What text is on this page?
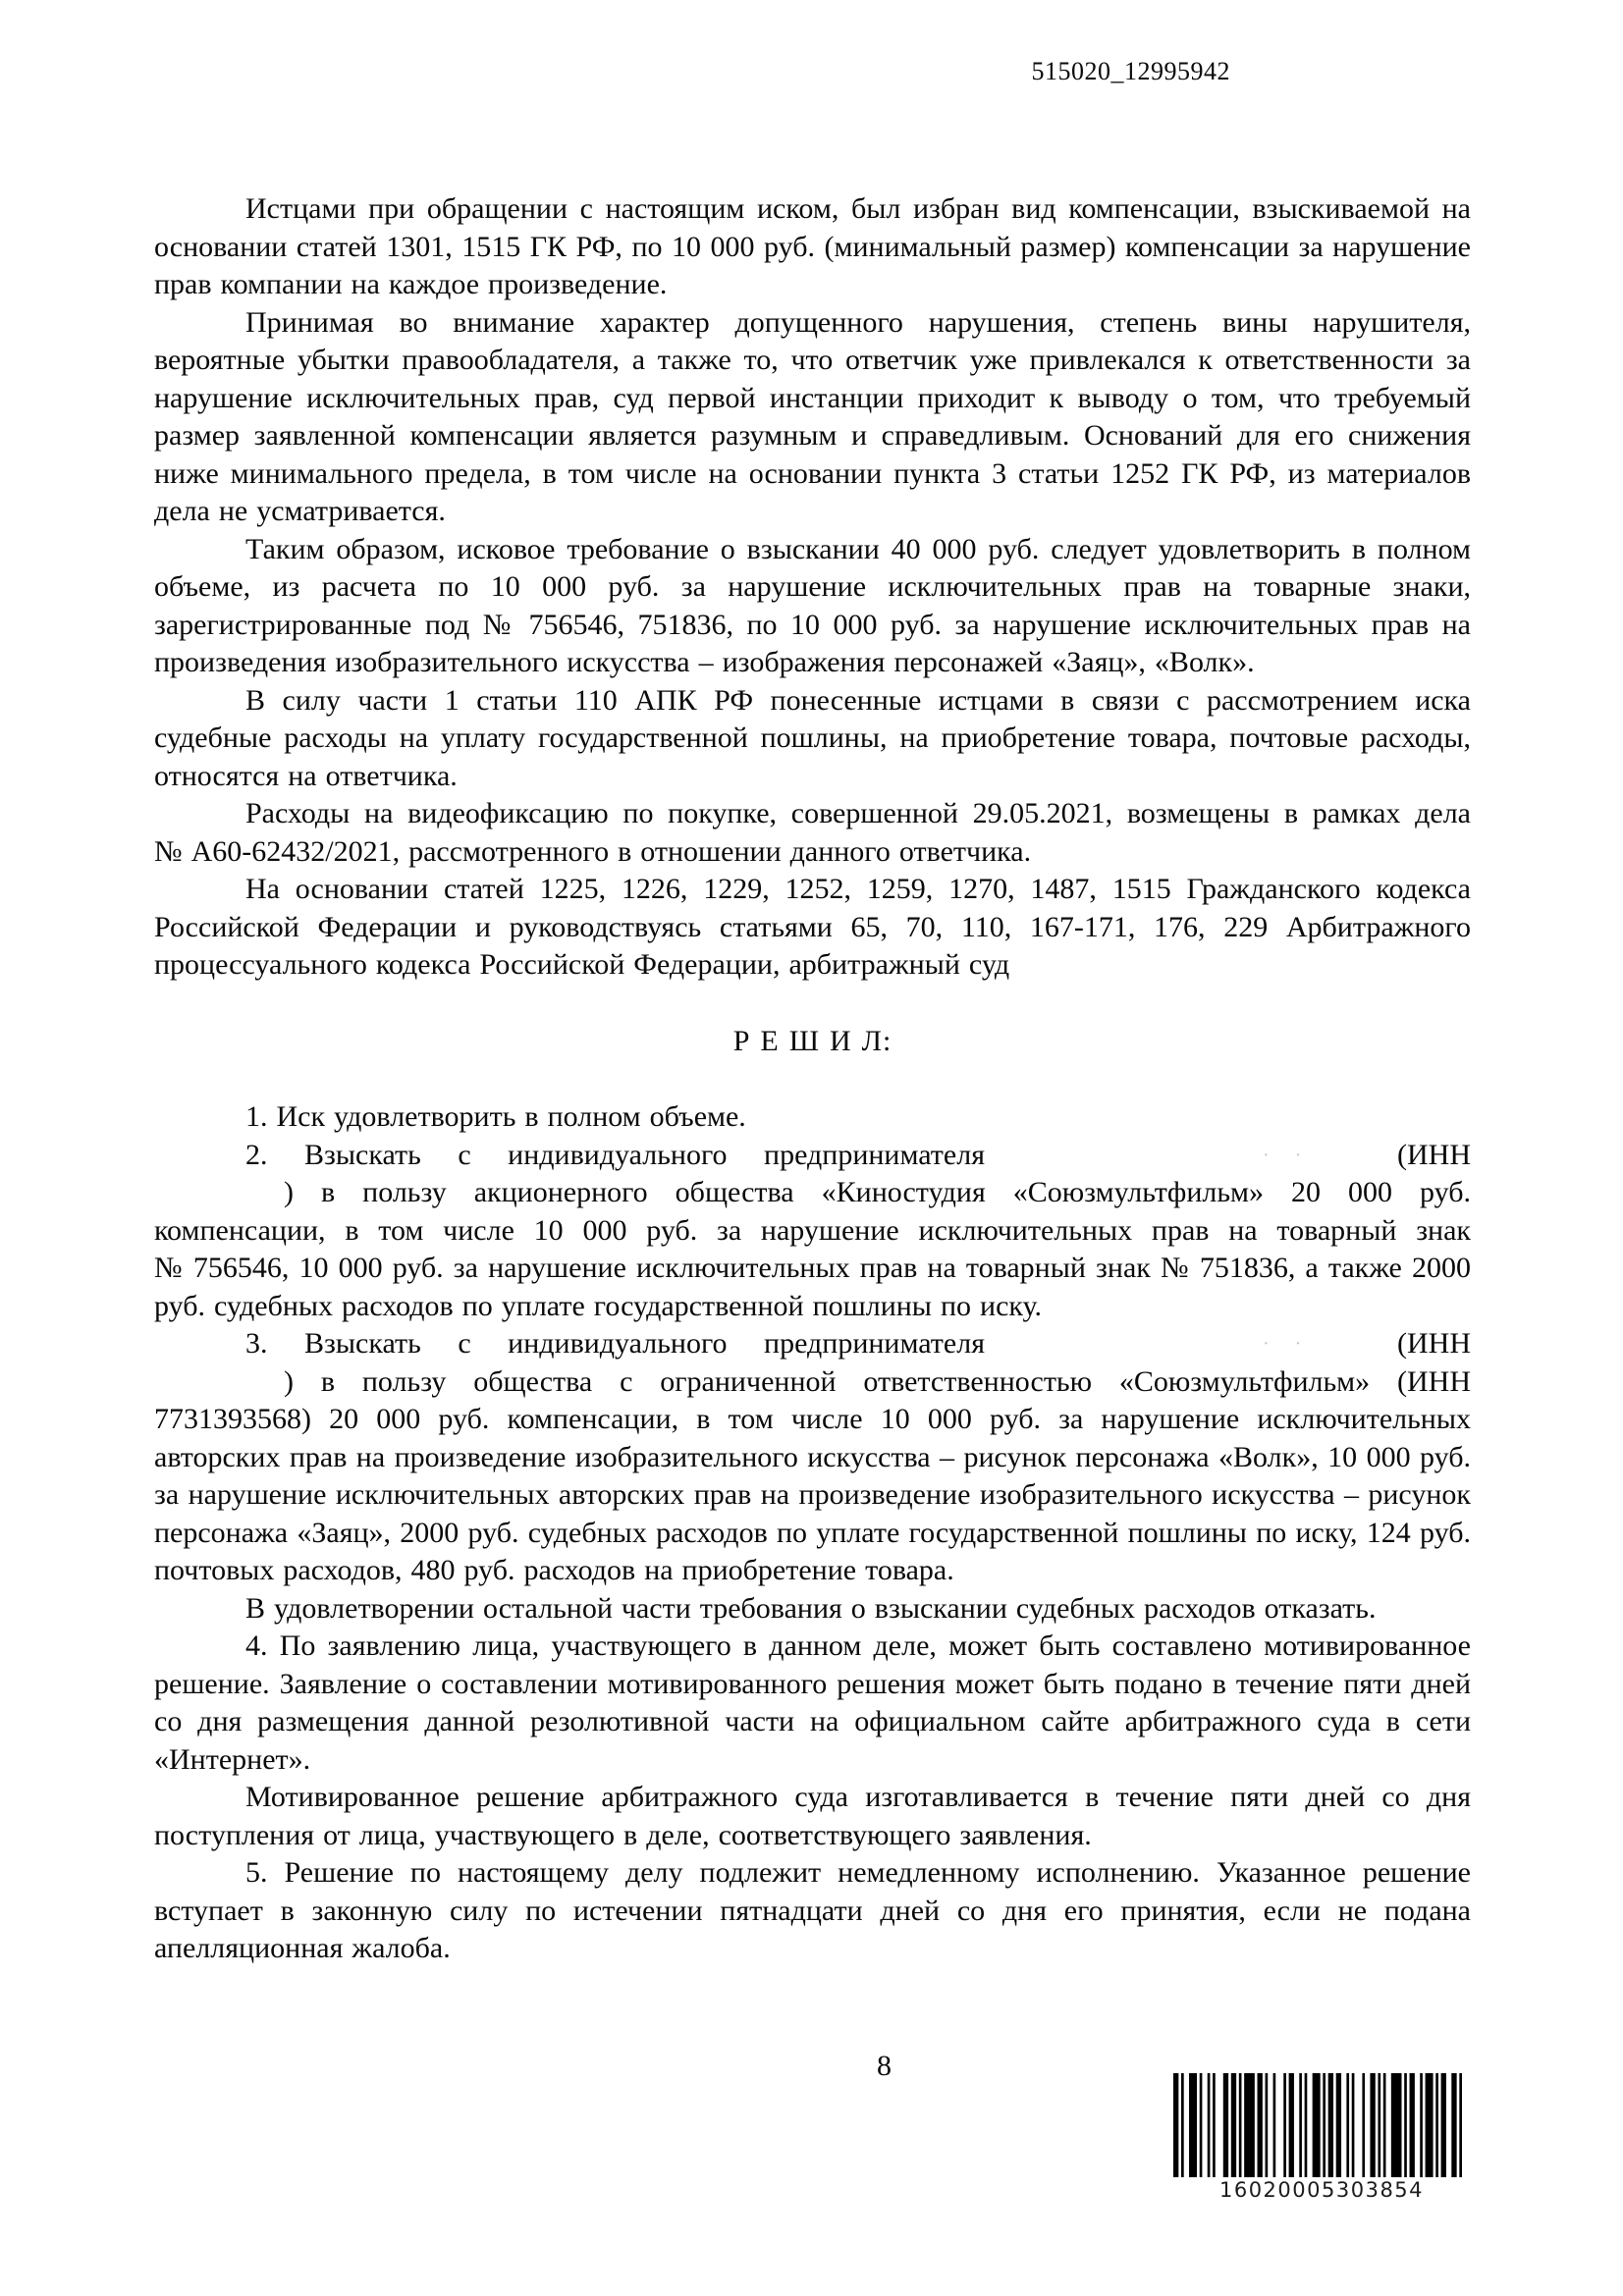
515020_12995942

Истцами при обращении с настоящим иском, был избран вид компенсации, взыскиваемой на основании статей 1301, 1515 ГК РФ, по 10 000 руб. (минимальный размер) компенсации за нарушение прав компании на каждое произведение.

Принимая во внимание характер допущенного нарушения, степень вины нарушителя, вероятные убытки правообладателя, а также то, что ответчик уже привлекался к ответственности за нарушение исключительных прав, суд первой инстанции приходит к выводу о том, что требуемый размер заявленной компенсации является разумным и справедливым. Оснований для его снижения ниже минимального предела, в том числе на основании пункта 3 статьи 1252 ГК РФ, из материалов дела не усматривается.

Таким образом, исковое требование о взыскании 40 000 руб. следует удовлетворить в полном объеме, из расчета по 10 000 руб. за нарушение исключительных прав на товарные знаки, зарегистрированные под № 756546, 751836, по 10 000 руб. за нарушение исключительных прав на произведения изобразительного искусства – изображения персонажей «Заяц», «Волк».

В силу части 1 статьи 110 АПК РФ понесенные истцами в связи с рассмотрением иска судебные расходы на уплату государственной пошлины, на приобретение товара, почтовые расходы, относятся на ответчика.

Расходы на видеофиксацию по покупке, совершенной 29.05.2021, возмещены в рамках дела № А60-62432/2021, рассмотренного в отношении данного ответчика.

На основании статей 1225, 1226, 1229, 1252, 1259, 1270, 1487, 1515 Гражданского кодекса Российской Федерации и руководствуясь статьями 65, 70, 110, 167-171, 176, 229 Арбитражного процессуального кодекса Российской Федерации, арбитражный суд

Р Е Ш И Л:

1. Иск удовлетворить в полном объеме.

2. Взыскать с индивидуального предпринимателя ··	(ИНН) в пользу акционерного общества «Киностудия «Союзмультфильм» 20 000 руб. компенсации, в том числе 10 000 руб. за нарушение исключительных прав на товарный знак № 756546, 10 000 руб. за нарушение исключительных прав на товарный знак № 751836, а также 2000 руб. судебных расходов по уплате государственной пошлины по иску.

3. Взыскать с индивидуального предпринимателя ··	(ИНН) в пользу общества с ограниченной ответственностью «Союзмультфильм» (ИНН 7731393568) 20 000 руб. компенсации, в том числе 10 000 руб. за нарушение исключительных авторских прав на произведение изобразительного искусства – рисунок персонажа «Волк», 10 000 руб. за нарушение исключительных авторских прав на произведение изобразительного искусства – рисунок персонажа «Заяц», 2000 руб. судебных расходов по уплате государственной пошлины по иску, 124 руб. почтовых расходов, 480 руб. расходов на приобретение товара.

В удовлетворении остальной части требования о взыскании судебных расходов отказать.

4. По заявлению лица, участвующего в данном деле, может быть составлено мотивированное решение. Заявление о составлении мотивированного решения может быть подано в течение пяти дней со дня размещения данной резолютивной части на официальном сайте арбитражного суда в сети «Интернет».

Мотивированное решение арбитражного суда изготавливается в течение пяти дней со дня поступления от лица, участвующего в деле, соответствующего заявления.

5. Решение по настоящему делу подлежит немедленному исполнению. Указанное решение вступает в законную силу по истечении пятнадцати дней со дня его принятия, если не подана апелляционная жалоба.

8
16020005303854
